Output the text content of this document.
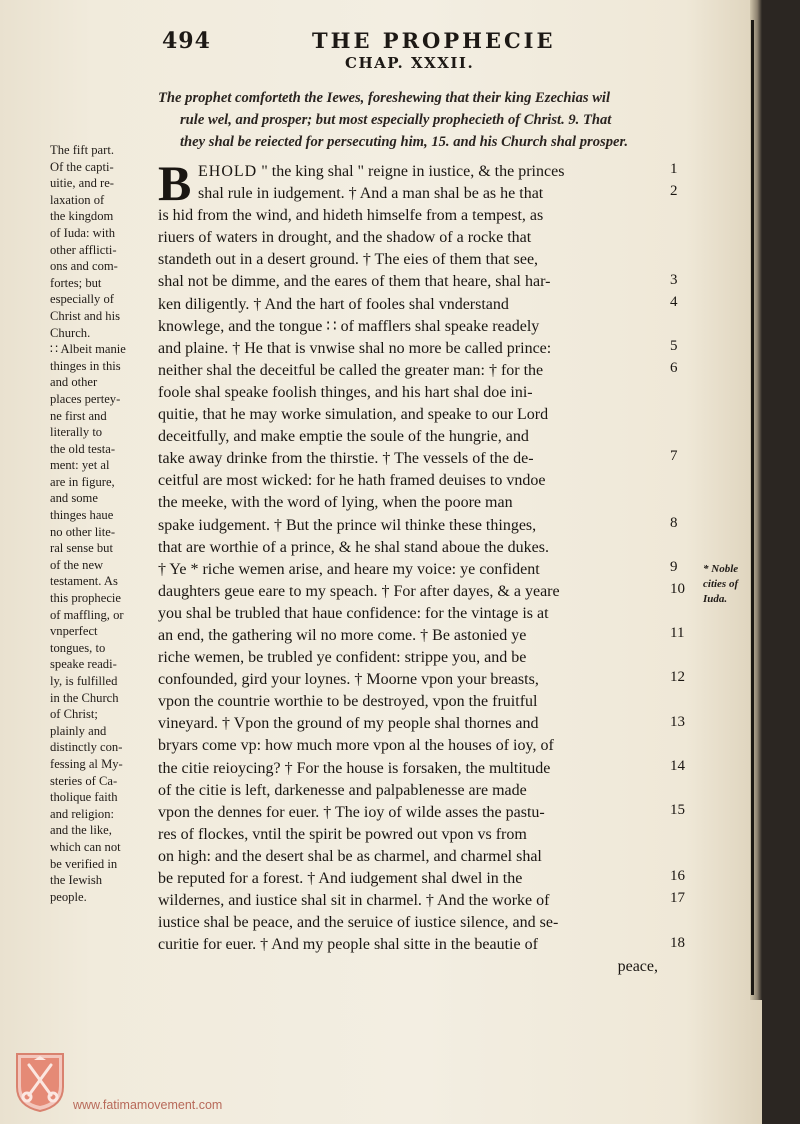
494	THE PROPHECIE
CHAP. XXXII.
The prophet comforteth the Iewes, foreshewing that their king Ezechias wil
rule wel, and prosper; but most especially prophecieth of Christ. 9. That
they shal be reiected for persecuting him, 15. and his Church shal prosper.
The fift part.
Of the capti-
uitie, and re-
laxation of
the kingdom
of Iuda: with
other afflicti-
ons and com-
fortes; but
especially of
Christ and his
Church.
∷ Albeit manie
thinges in this
and other
places pertey-
ne first and
literally to
the old testa-
ment: yet al
are in figure,
and some
thinges haue
no other lite-
ral sense but
of the new
testament. As
this prophecie
of maffling, or
vnperfect
tongues, to
speake readi-
ly, is fulfilled
in the Church
of Christ;
plainly and
distinctly con-
fessing al My-
steries of Ca-
tholique faith
and religion:
and the like,
which can not
be verified in
the Iewish
people.
B EHOLD " the king shal " reigne in iustice, & the princes
shal rule in iudgement. † And a man shal be as he that
is hid from the wind, and hideth himselfe from a tempest, as
riuers of waters in drought, and the shadow of a rocke that
standeth out in a desert ground. † The eies of them that see,
shal not be dimme, and the eares of them that heare, shal har-
ken diligently. † And the hart of fooles shal vnderstand
knowlege, and the tongue ∷ of mafflers shal speake readely
and plaine. † He that is vnwise shal no more be called prince:
neither shal the deceitful be called the greater man: † for the
foole shal speake foolish thinges, and his hart shal doe ini-
quitie, that he may worke simulation, and speake to our Lord
deceitfully, and make emptie the soule of the hungrie, and
take away drinke from the thirstie. † The vessels of the de-
ceitful are most wicked: for he hath framed deuises to vndoe
the meeke, with the word of lying, when the poore man
spake iudgement. † But the prince wil thinke these thinges,
that are worthie of a prince, & he shal stand aboue the dukes.
† Ye * riche wemen arise, and heare my voice: ye confident
daughters geue eare to my speach. † For after dayes, & a yeare
you shal be trubled that haue confidence: for the vintage is at
an end, the gathering wil no more come. † Be astonied ye
riche wemen, be trubled ye confident: strippe you, and be
confounded, gird your loynes. † Moorne vpon your breasts,
vpon the countrie worthie to be destroyed, vpon the fruitful
vineyard. † Vpon the ground of my people shal thornes and
bryars come vp: how much more vpon al the houses of ioy, of
the citie reioycing? † For the house is forsaken, the multitude
of the citie is left, darkenesse and palpablenesse are made
vpon the dennes for euer. † The ioy of wilde asses the pastu-
res of flockes, vntil the spirit be powred out vpon vs from
on high: and the desert shal be as charmel, and charmel shal
be reputed for a forest. † And iudgement shal dwel in the
wildernes, and iustice shal sit in charmel. † And the worke of
iustice shal be peace, and the seruice of iustice silence, and se-
curitie for euer. † And my people shal sitte in the beautie of
peace,
1
2
3
4
5
6
7
8
9
10
11
12
13
14
15
16
17
18
* Noble
cities of
Iuda.
www.fatimamovement.com
